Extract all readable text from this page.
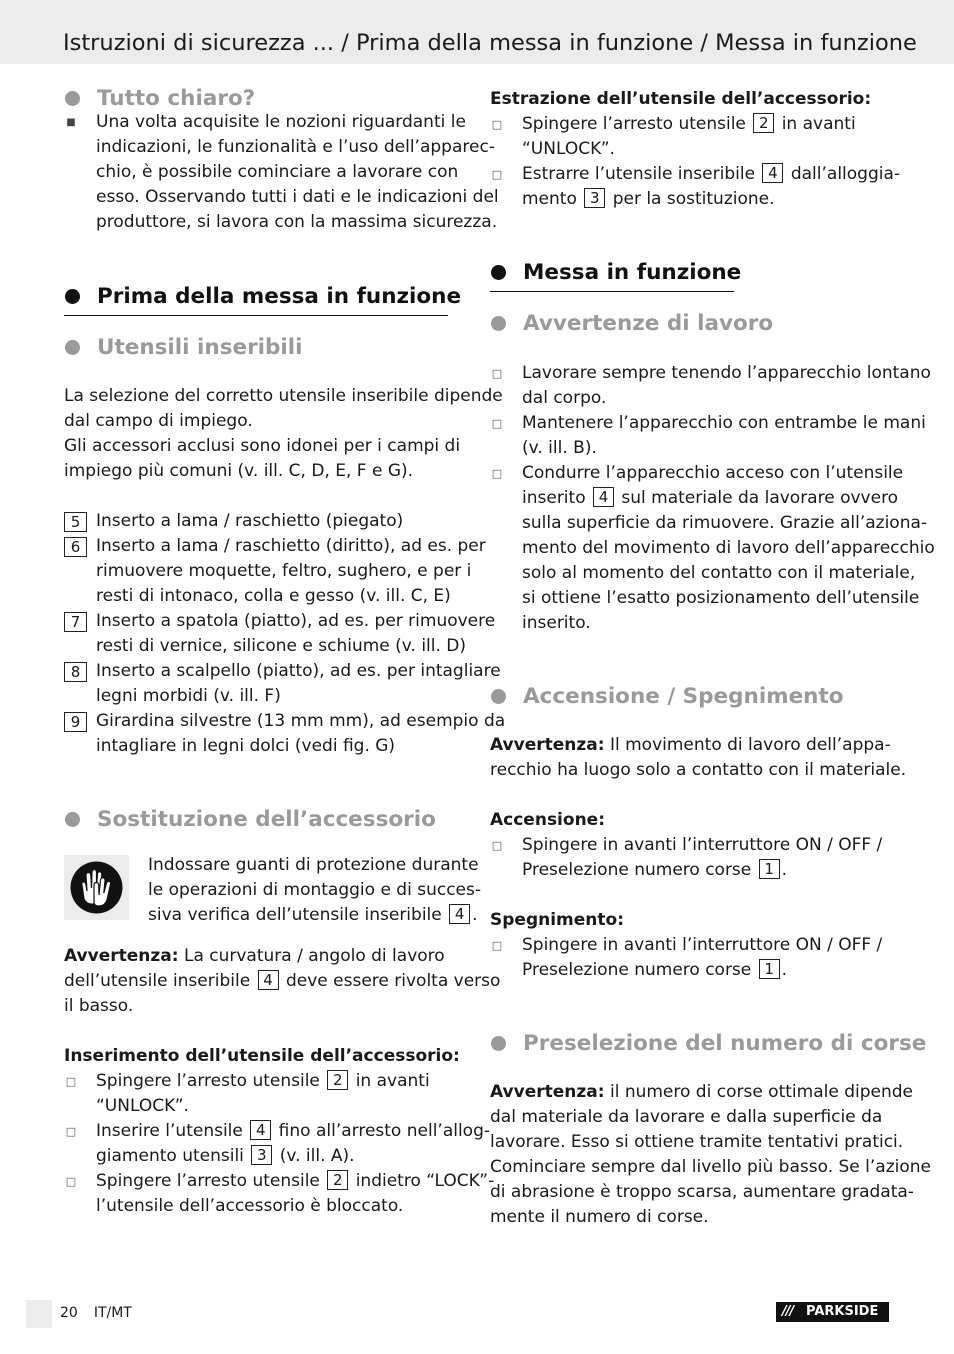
Istruzioni di sicurezza ... / Prima della messa in funzione / Messa in funzione
Tutto chiaro?
■ Una volta acquisite le nozioni riguardanti le
indicazioni, le funzionalità e l’uso dell’apparec-
chio, è possibile cominciare a lavorare con
esso. Osservando tutti i dati e le indicazioni del
produttore, si lavora con la massima sicurezza.
Prima della messa in funzione
Utensili inseribili

La selezione del corretto utensile inseribile dipende

dal campo di impiego.

Gli accessori acclusi sono idonei per i campi di

impiego più comuni (v. ill. C, D, E, F e G).

5 Inserto a lama / raschietto (piegato)
6 Inserto a lama / raschietto (diritto), ad es. per
rimuovere moquette, feltro, sughero, e per i
resti di intonaco, colla e gesso (v. ill. C, E)
7 Inserto a spatola (piatto), ad es. per rimuovere
resti di vernice, silicone e schiume (v. ill. D)
8 Inserto a scalpello (piatto), ad es. per intagliare
legni morbidi (v. ill. F)
9 Girardina silvestre (13 mm mm), ad esempio da
intagliare in legni dolci (vedi fig. G)
Sostituzione dell’accessorio

Indossare guanti di protezione durante

le operazioni di montaggio e di succes-

siva verifica dell’utensile inseribile 4 .

Avvertenza: La curvatura / angolo di lavoro

dell’utensile inseribile 4 deve essere rivolta verso

il basso.

Inserimento dell’utensile dell’accessorio:

□ Spingere l’arresto utensile 2 in avanti
“UNLOCK”.
□ Inserire l’utensile 4 fino all’arresto nell’allog-
giamento utensili 3 (v. ill. A).
□ Spingere l’arresto utensile 2 indietro “LOCK”-
l’utensile dell’accessorio è bloccato.

Estrazione dell’utensile dell’accessorio:

□ Spingere l’arresto utensile 2 in avanti
“UNLOCK”.
□ Estrarre l’utensile inseribile 4 dall’alloggia-
mento 3 per la sostituzione.
Messa in funzione
Avvertenze di lavoro
□ Lavorare sempre tenendo l’apparecchio lontano
dal corpo.
□ Mantenere l’apparecchio con entrambe le mani
(v. ill. B).
□ Condurre l’apparecchio acceso con l’utensile
inserito 4 sul materiale da lavorare ovvero
sulla superficie da rimuovere. Grazie all’aziona-
mento del movimento di lavoro dell’apparecchio
solo al momento del contatto con il materiale,
si ottiene l’esatto posizionamento dell’utensile
inserito.
Accensione / Spegnimento

Avvertenza: Il movimento di lavoro dell’appa-

recchio ha luogo solo a contatto con il materiale.

Accensione:

□ Spingere in avanti l’interruttore ON / OFF /
Preselezione numero corse 1 .

Spegnimento:

□ Spingere in avanti l’interruttore ON / OFF /
Preselezione numero corse 1 .
Preselezione del numero di corse

Avvertenza: il numero di corse ottimale dipende

dal materiale da lavorare e dalla superficie da

lavorare. Esso si ottiene tramite tentativi pratici.

Cominciare sempre dal livello più basso. Se l’azione

di abrasione è troppo scarsa, aumentare gradata-

mente il numero di corse.

20 IT/MT	/// PARKSIDE
